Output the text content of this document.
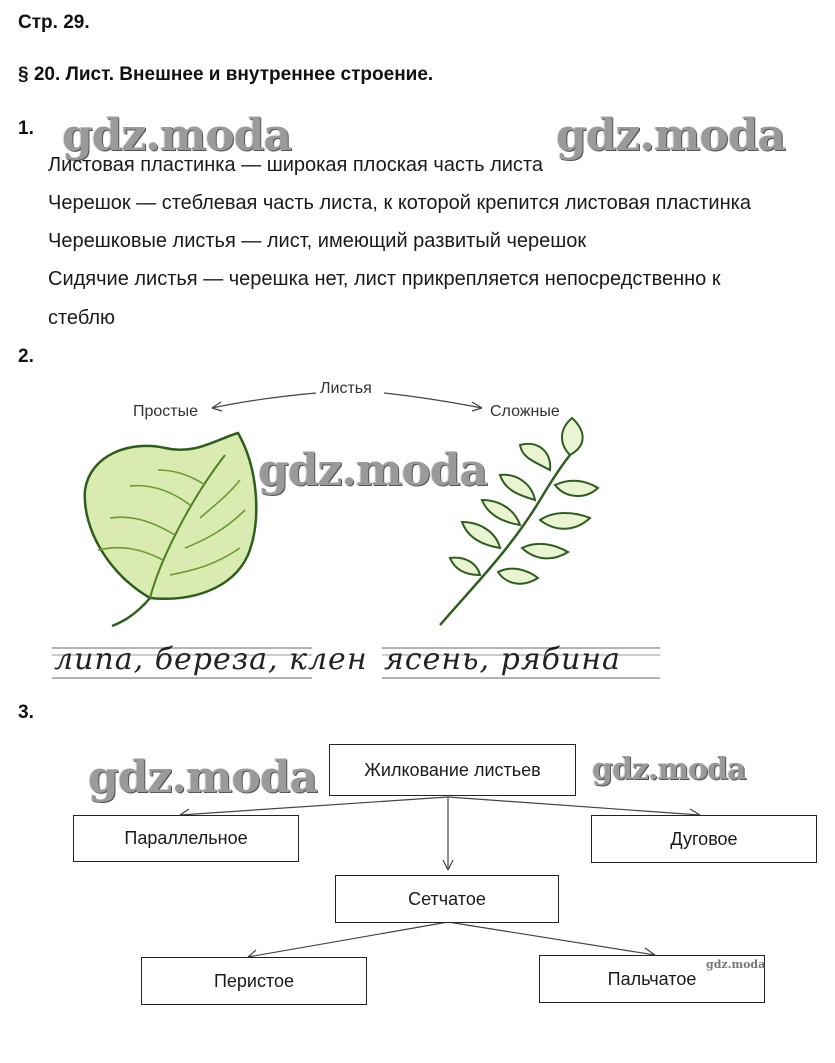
Стр. 29.
§ 20. Лист. Внешнее и внутреннее строение.
1. gdz.moda	gdz.moda
Листовая пластинка — широкая плоская часть листа
Черешок — стеблевая часть листа, к которой крепится листовая пластинка
Черешковые листья — лист, имеющий развитый черешок
Сидячие листья — черешка нет, лист прикрепляется непосредственно к
стеблю
2.
Листья
Простые	Сложные
gdz.moda
липа, береза, клен ясень, рябина
3.
gdz.moda	gdz.moda
Жилкование листьев
Параллельное	Дуговое
Сетчатое
Перистое	Пальчатое
gdz.moda
